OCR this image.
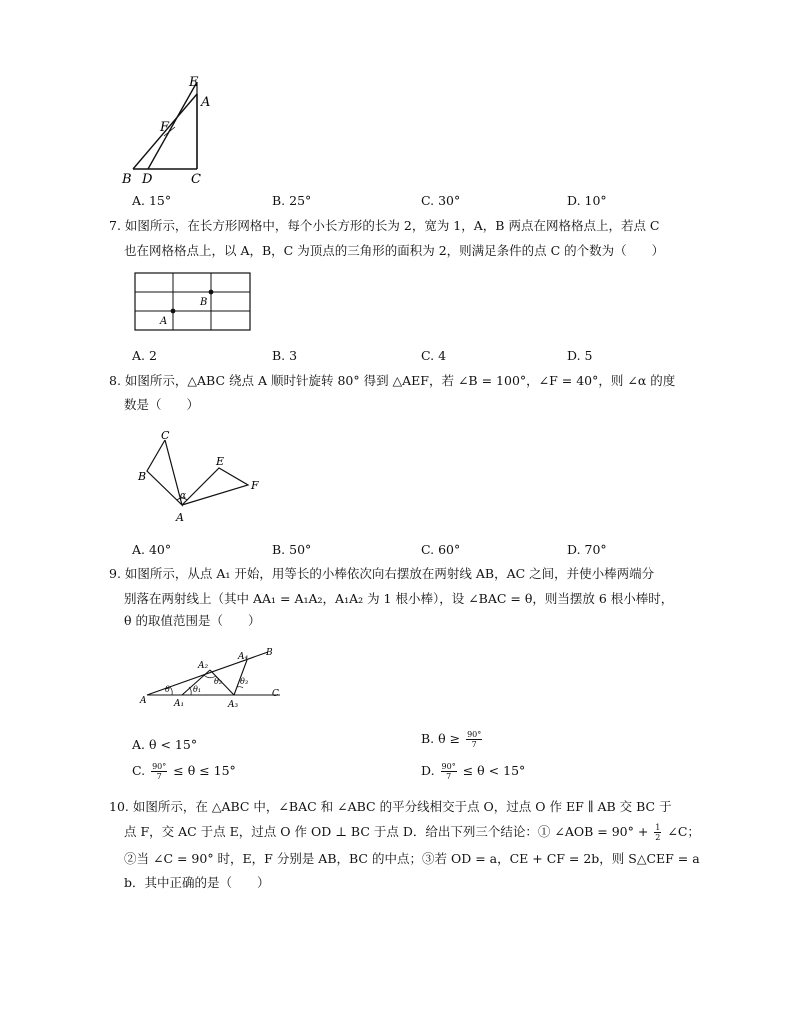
E
A
F
B D	C
A. 15°	B. 25°	C. 30°	D. 10°
7. 如图所示，在长方形网格中，每个小长方形的长为 2，宽为 1，A，B 两点在网格格点上，若点 C
也在网格格点上，以 A，B，C 为顶点的三角形的面积为 2，则满足条件的点 C 的个数为（　　）
A
B
A. 2	B. 3	C. 4	D. 5
8. 如图所示，△ABC 绕点 A 顺时针旋转 80° 得到 △AEF，若 ∠B = 100°，∠F = 40°，则 ∠α 的度
数是（　　）
C
B
E
F
α
A
A. 40°	B. 50°	C. 60°	D. 70°
9. 如图所示，从点 A₁ 开始，用等长的小棒依次向右摆放在两射线 AB，AC 之间，并使小棒两端分
别落在两射线上（其中 AA₁ = A₁A₂，A₁A₂ 为 1 根小棒），设 ∠BAC = θ，则当摆放 6 根小棒时，
θ 的取值范围是（　　）
A	A₁
A₂
A₃
A₄ B
C
θ	θ₁
θ₂ θ₃
A. θ < 15°	B. $\theta \ge \frac{90^\circ}{7}$
C. $\frac{90^\circ}{7} \le \theta \le 15^\circ$	D. $\frac{90^\circ}{7} \le \theta < 15^\circ$
10. 如图所示，在 △ABC 中，∠BAC 和 ∠ABC 的平分线相交于点 O，过点 O 作 EF ∥ AB 交 BC 于
点 F，交 AC 于点 E，过点 O 作 OD ⊥ BC 于点 D．给出下列三个结论：① ∠AOB = $90^\circ + \frac{1}{2}$ ∠C；
②当 ∠C = 90° 时，E，F 分别是 AB，BC 的中点；③若 OD = a，CE + CF = 2b，则 S△CEF = a
b．其中正确的是（　　）
